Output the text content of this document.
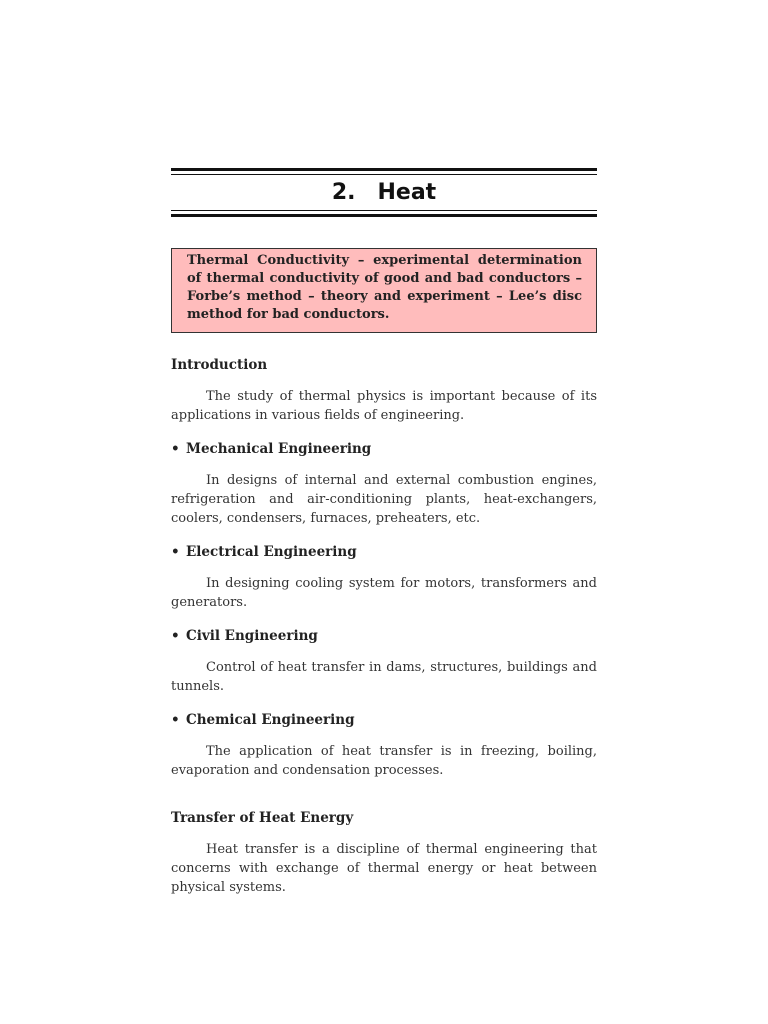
2. Heat
Thermal Conductivity – experimental determination of thermal conductivity of good and bad conductors – Forbe’s method – theory and experiment – Lee’s disc method for bad conductors.
Introduction

The study of thermal physics is important because of its applications in various fields of engineering.

• Mechanical Engineering

In designs of internal and external combustion engines, refrigeration and air-conditioning plants, heat-exchangers, coolers, condensers, furnaces, preheaters, etc.

• Electrical Engineering

In designing cooling system for motors, transformers and generators.

• Civil Engineering

Control of heat transfer in dams, structures, buildings and tunnels.

• Chemical Engineering

The application of heat transfer is in freezing, boiling, evaporation and condensation processes.

Transfer of Heat Energy

Heat transfer is a discipline of thermal engineering that concerns with exchange of thermal energy or heat between physical systems.
